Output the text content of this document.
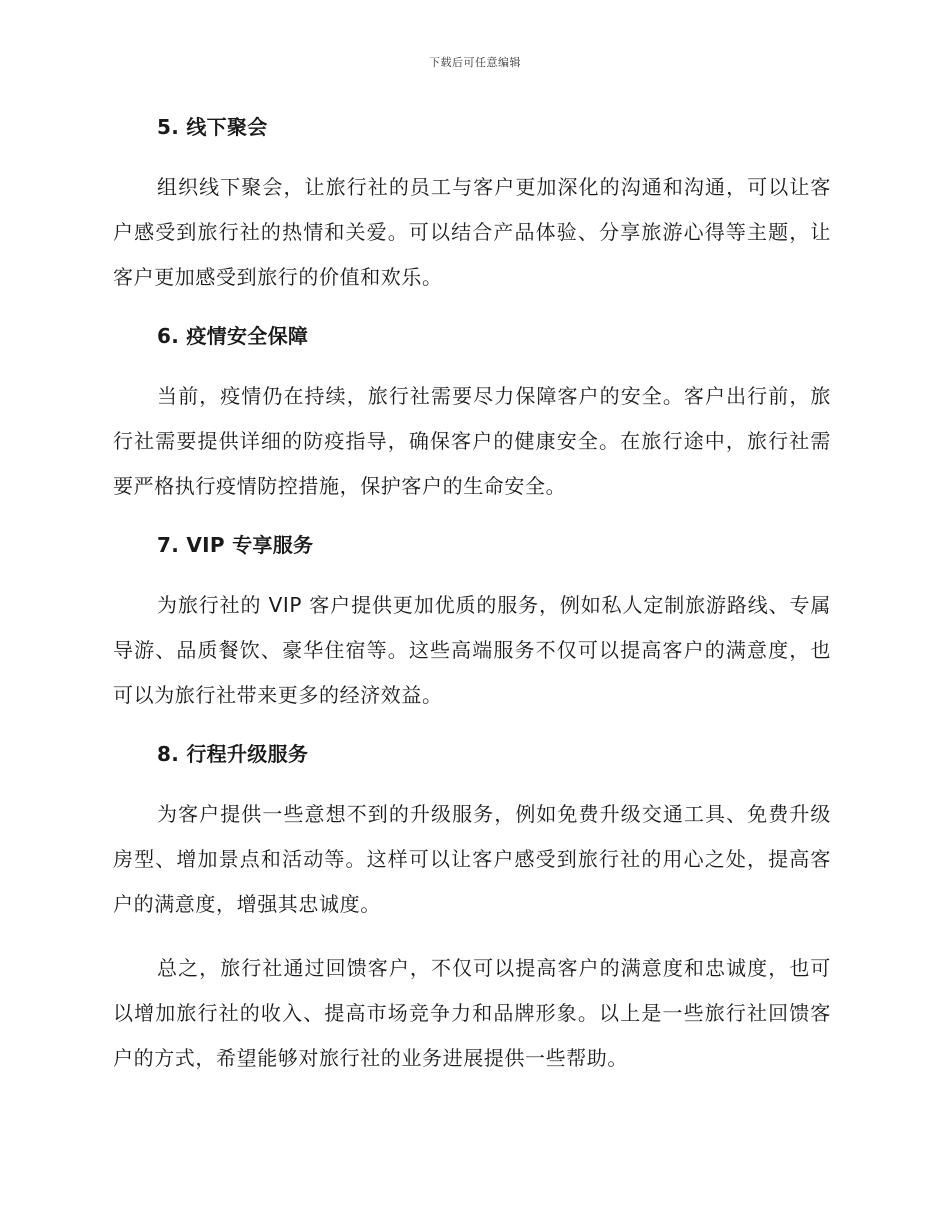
下载后可任意编辑
5. 线下聚会

组织线下聚会，让旅行社的员工与客户更加深化的沟通和沟通，可以让客户感受到旅行社的热情和关爱。可以结合产品体验、分享旅游心得等主题，让客户更加感受到旅行的价值和欢乐。

6. 疫情安全保障

当前，疫情仍在持续，旅行社需要尽力保障客户的安全。客户出行前，旅行社需要提供详细的防疫指导，确保客户的健康安全。在旅行途中，旅行社需要严格执行疫情防控措施，保护客户的生命安全。

7. VIP 专享服务

为旅行社的 VIP 客户提供更加优质的服务，例如私人定制旅游路线、专属导游、品质餐饮、豪华住宿等。这些高端服务不仅可以提高客户的满意度，也可以为旅行社带来更多的经济效益。

8. 行程升级服务

为客户提供一些意想不到的升级服务，例如免费升级交通工具、免费升级房型、增加景点和活动等。这样可以让客户感受到旅行社的用心之处，提高客户的满意度，增强其忠诚度。

总之，旅行社通过回馈客户，不仅可以提高客户的满意度和忠诚度，也可以增加旅行社的收入、提高市场竞争力和品牌形象。以上是一些旅行社回馈客户的方式，希望能够对旅行社的业务进展提供一些帮助。
